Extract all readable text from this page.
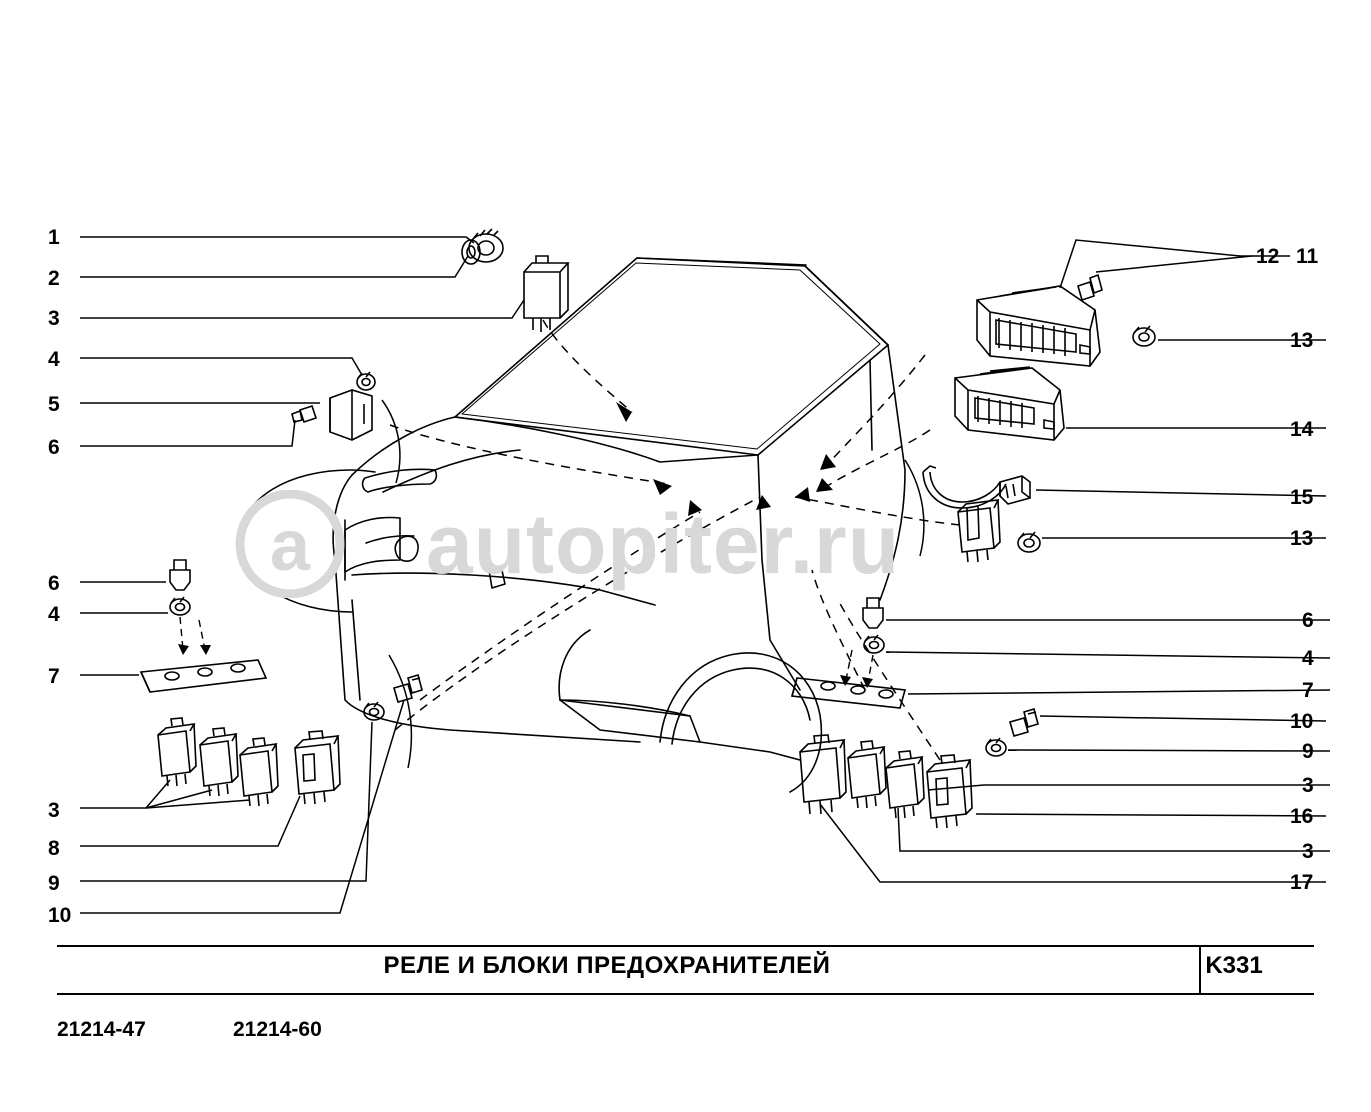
a autopiter.ru
1
2
3
4
5
6
6
4
7
3
8
9
10
12 11
13
14
15
13
6
4
7
10
9
3
16
3
17
РЕЛЕ И БЛОКИ ПРЕДОХРАНИТЕЛЕЙ	K331
21214-47	21214-60
